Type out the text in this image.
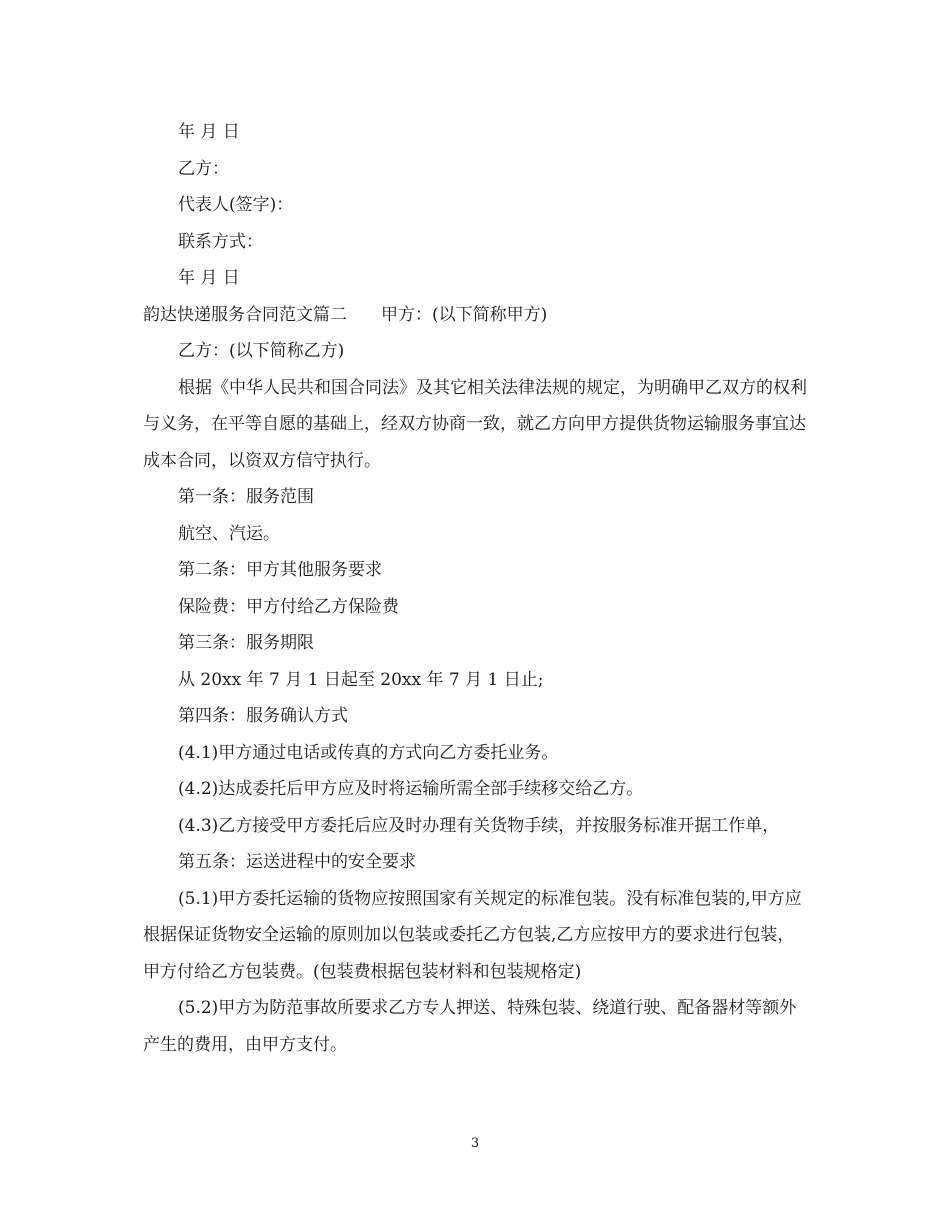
年 月 日

乙方：

代表人(签字)：

联系方式：

年 月 日

韵达快递服务合同范文篇二　　甲方：(以下简称甲方)

乙方：(以下简称乙方)

根据《中华人民共和国合同法》及其它相关法律法规的规定，为明确甲乙双方的权利与义务，在平等自愿的基础上，经双方协商一致，就乙方向甲方提供货物运输服务事宜达成本合同，以资双方信守执行。

第一条：服务范围

航空、汽运。

第二条：甲方其他服务要求

保险费：甲方付给乙方保险费

第三条：服务期限

从 20xx 年 7 月 1 日起至 20xx 年 7 月 1 日止;

第四条：服务确认方式

(4.1)甲方通过电话或传真的方式向乙方委托业务。

(4.2)达成委托后甲方应及时将运输所需全部手续移交给乙方。

(4.3)乙方接受甲方委托后应及时办理有关货物手续，并按服务标准开据工作单，

第五条：运送进程中的安全要求

(5.1)甲方委托运输的货物应按照国家有关规定的标准包装。没有标准包装的,甲方应根据保证货物安全运输的原则加以包装或委托乙方包装,乙方应按甲方的要求进行包装，甲方付给乙方包装费。(包装费根据包装材料和包装规格定)

(5.2)甲方为防范事故所要求乙方专人押送、特殊包装、绕道行驶、配备器材等额外产生的费用，由甲方支付。

3
